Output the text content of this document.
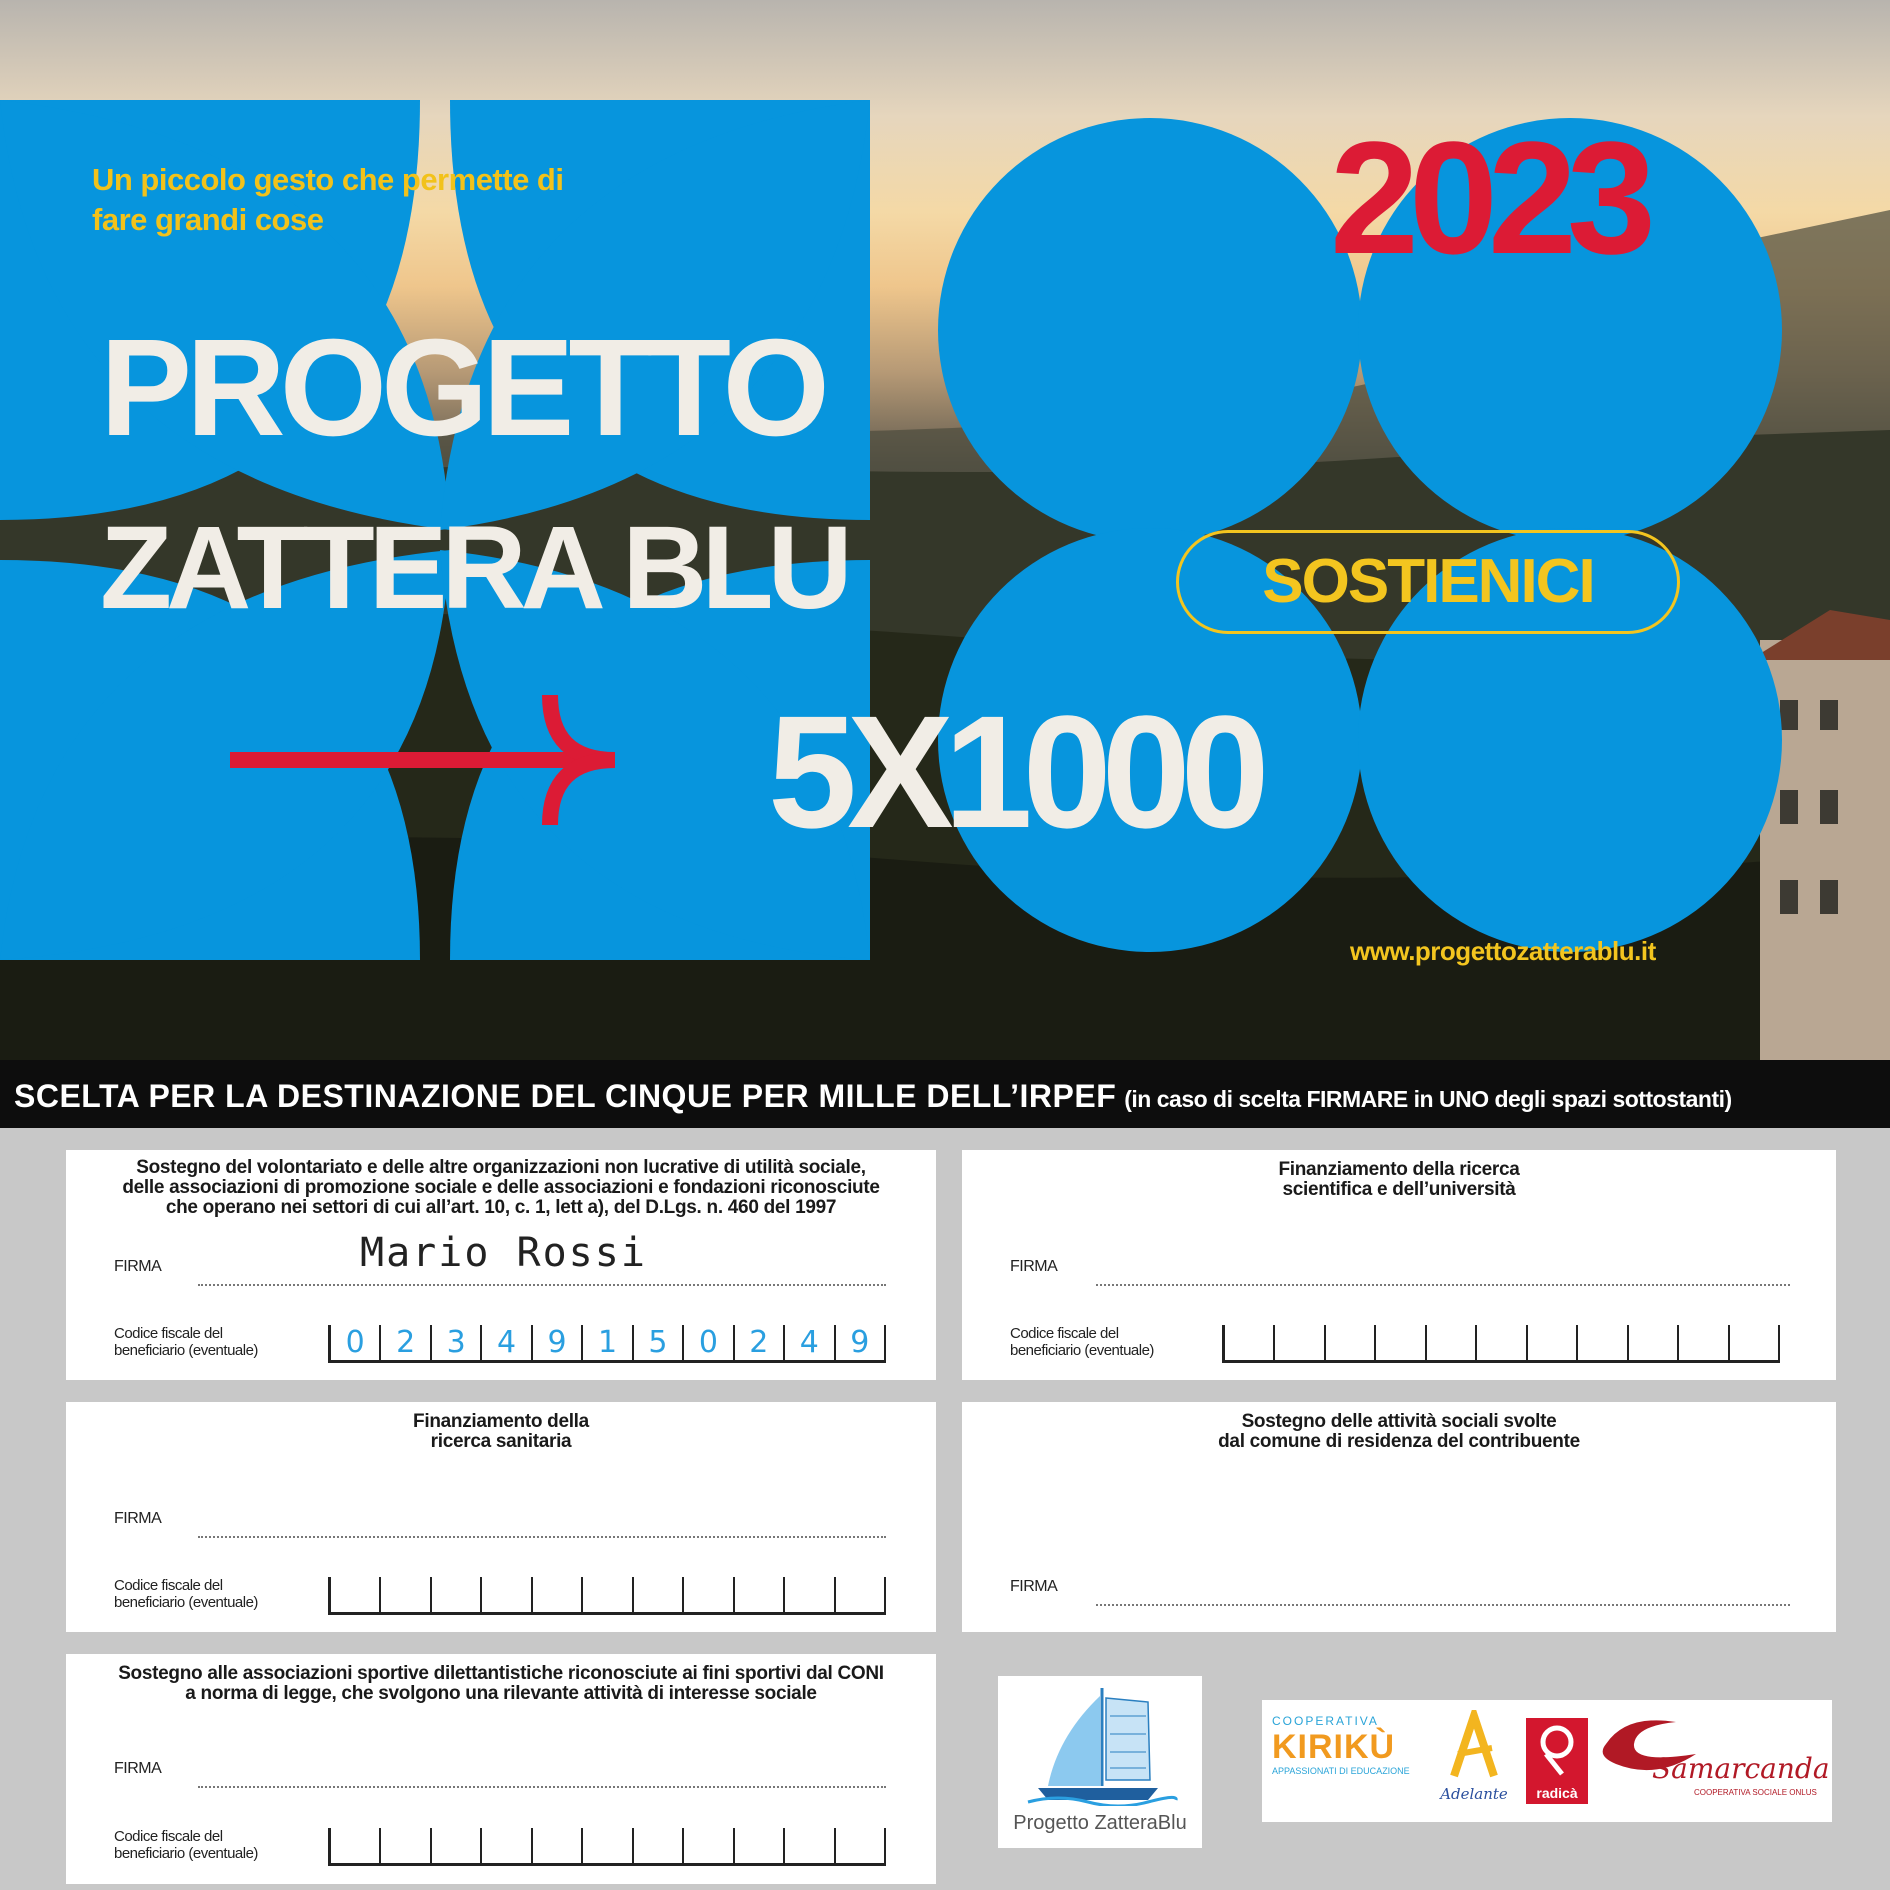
Un piccolo gesto che permette di
fare grandi cose
PROGETTO
ZATTERA BLU
5X1000
2023
SOSTIENICI
www.progettozatterablu.it
SCELTA PER LA DESTINAZIONE DEL CINQUE PER MILLE DELL’IRPEF (in caso di scelta FIRMARE in UNO degli spazi sottostanti)
Sostegno del volontariato e delle altre organizzazioni non lucrative di utilità sociale,
delle associazioni di promozione sociale e delle associazioni e fondazioni riconosciute
che operano nei settori di cui all’art. 10, c. 1, lett a), del D.Lgs. n. 460 del 1997
FIRMA	Mario Rossi
Codice fiscale del
beneficiario (eventuale)	0	2	3	4	9	1	5	0	2	4	9
Finanziamento della ricerca
scientifica e dell’università
FIRMA
Codice fiscale del
beneficiario (eventuale)
Finanziamento della
ricerca sanitaria
FIRMA
Codice fiscale del
beneficiario (eventuale)
Sostegno delle attività sociali svolte
dal comune di residenza del contribuente
FIRMA
Sostegno alle associazioni sportive dilettantistiche riconosciute ai fini sportivi dal CONI
a norma di legge, che svolgono una rilevante attività di interesse sociale
FIRMA
Codice fiscale del
beneficiario (eventuale)
Progetto ZatteraBlu
COOPERATIVA
KIRIKÙ
APPASSIONATI DI EDUCAZIONE
Adelante	radicà
Samarcanda
COOPERATIVA SOCIALE ONLUS
